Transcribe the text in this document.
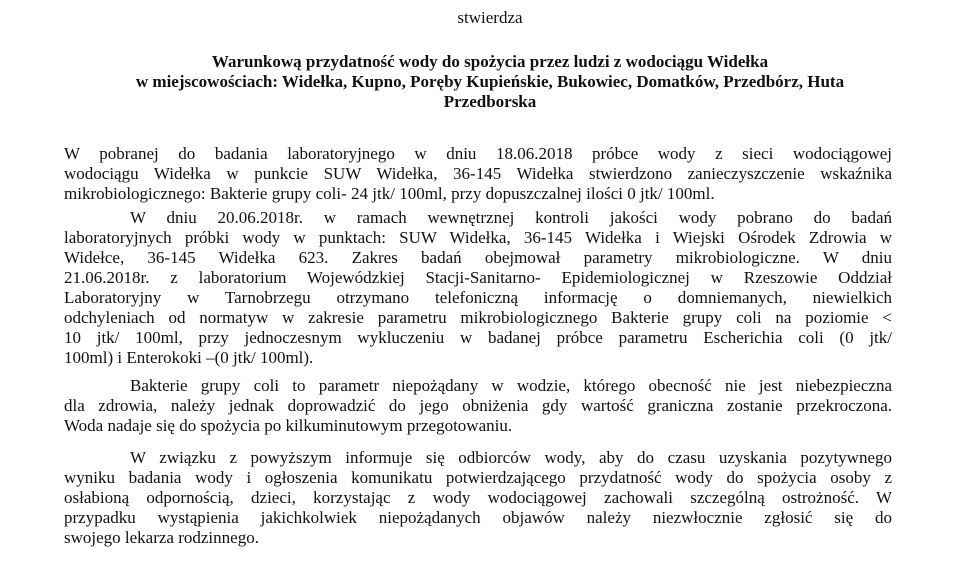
stwierdza
Warunkową przydatność wody do spożycia przez ludzi z wodociągu Widełka
w miejscowościach: Widełka, Kupno, Poręby Kupieńskie, Bukowiec, Domatków, Przedbórz, Huta
Przedborska
W pobranej do badania laboratoryjnego w dniu 18.06.2018 próbce wody z sieci wodociągowej
wodociągu Widełka w punkcie SUW Widełka, 36-145 Widełka stwierdzono zanieczyszczenie wskaźnika
mikrobiologicznego: Bakterie grupy coli- 24 jtk/ 100ml, przy dopuszczalnej ilości 0 jtk/ 100ml.
W dniu 20.06.2018r. w ramach wewnętrznej kontroli jakości wody pobrano do badań
laboratoryjnych próbki wody w punktach: SUW Widełka, 36-145 Widełka i Wiejski Ośrodek Zdrowia w
Widełce, 36-145 Widełka 623. Zakres badań obejmował parametry mikrobiologiczne. W dniu
21.06.2018r. z laboratorium Wojewódzkiej Stacji-Sanitarno- Epidemiologicznej w Rzeszowie Oddział
Laboratoryjny w Tarnobrzegu otrzymano telefoniczną informację o domniemanych, niewielkich
odchyleniach od normatyw w zakresie parametru mikrobiologicznego Bakterie grupy coli na poziomie <
10 jtk/ 100ml, przy jednoczesnym wykluczeniu w badanej próbce parametru Escherichia coli (0 jtk/
100ml) i Enterokoki –(0 jtk/ 100ml).
Bakterie grupy coli to parametr niepożądany w wodzie, którego obecność nie jest niebezpieczna
dla zdrowia, należy jednak doprowadzić do jego obniżenia gdy wartość graniczna zostanie przekroczona.
Woda nadaje się do spożycia po kilkuminutowym przegotowaniu.
W związku z powyższym informuje się odbiorców wody, aby do czasu uzyskania pozytywnego
wyniku badania wody i ogłoszenia komunikatu potwierdzającego przydatność wody do spożycia osoby z
osłabioną odpornością, dzieci, korzystając z wody wodociągowej zachowali szczególną ostrożność. W
przypadku wystąpienia jakichkolwiek niepożądanych objawów należy niezwłocznie zgłosić się do
swojego lekarza rodzinnego.
